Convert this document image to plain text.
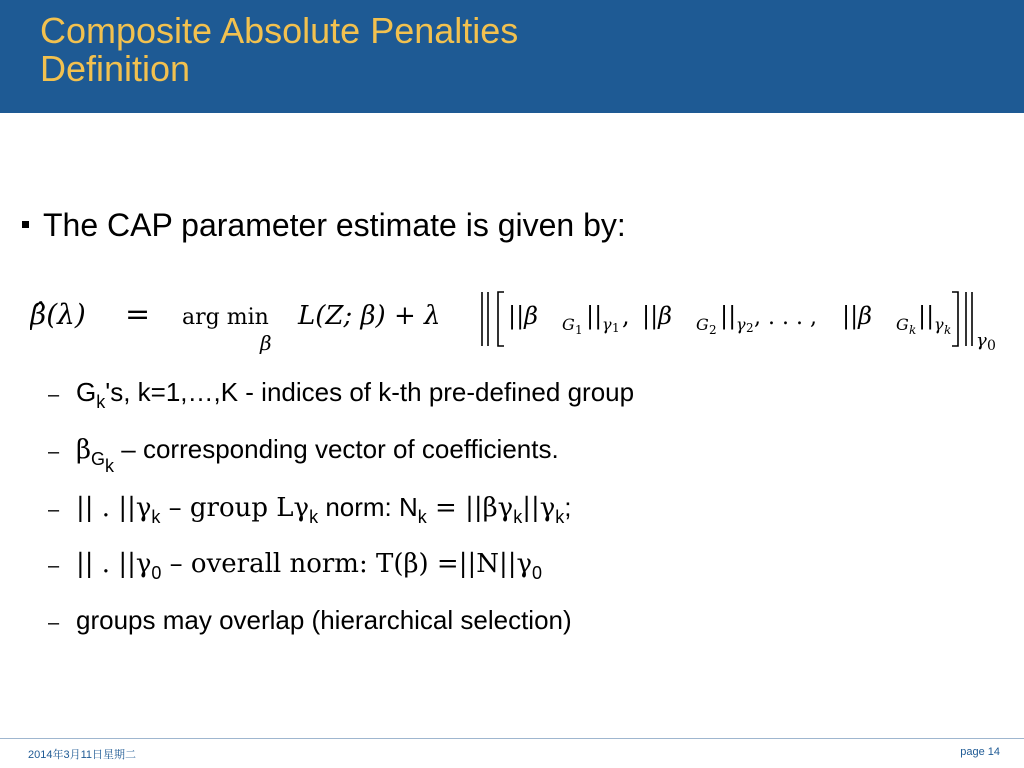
Composite Absolute Penalties
Definition
The CAP parameter estimate is given by:
β̂(λ) = arg min
β
L(Z; β) + λ	||β G 1 || γ 1 , ||β G 2 || γ 2 , . . . , ||β G k || γ k γ 0
– $G_k's$, k=1,…,K - indices of k-th pre-defined group
– $\beta_{G_k}$ – corresponding vector of coefficients.
– || . $||\gamma_k$ – group $L\gamma_k$ norm: $N_k = ||\beta\gamma_k||\gamma_k$;
– || . $||\gamma_0$ – overall norm: $T(\beta) =||N||\gamma_0$
– groups may overlap (hierarchical selection)
2014年3月11日星期二	page 14
